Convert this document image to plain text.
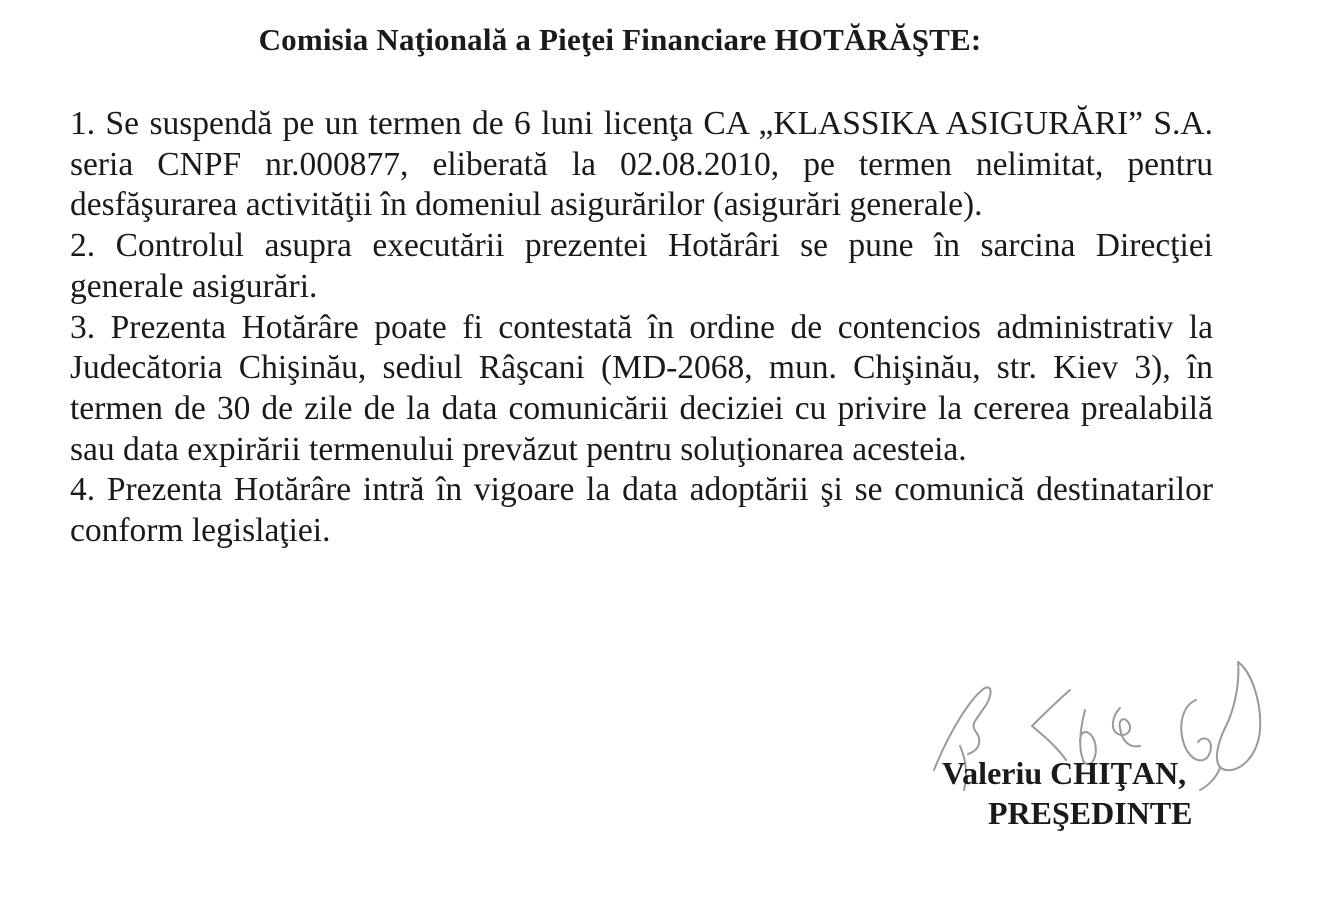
Comisia Naţională a Pieţei Financiare HOTĂRĂŞTE:

1. Se suspendă pe un termen de 6 luni licenţa CA „KLASSIKA ASIGURĂRI” S.A. seria CNPF nr.000877, eliberată la 02.08.2010, pe termen nelimitat, pentru desfăşurarea activităţii în domeniul asigurărilor (asigurări generale).

2. Controlul asupra executării prezentei Hotărâri se pune în sarcina Direcţiei generale asigurări.

3. Prezenta Hotărâre poate fi contestată în ordine de contencios administrativ la Judecătoria Chişinău, sediul Râşcani (MD-2068, mun. Chişinău, str. Kiev 3), în termen de 30 de zile de la data comunicării deciziei cu privire la cererea prealabilă sau data expirării termenului prevăzut pentru soluţionarea acesteia.

4. Prezenta Hotărâre intră în vigoare la data adoptării şi se comunică destinatarilor conform legislaţiei.

Valeriu CHIŢAN,
PREŞEDINTE
